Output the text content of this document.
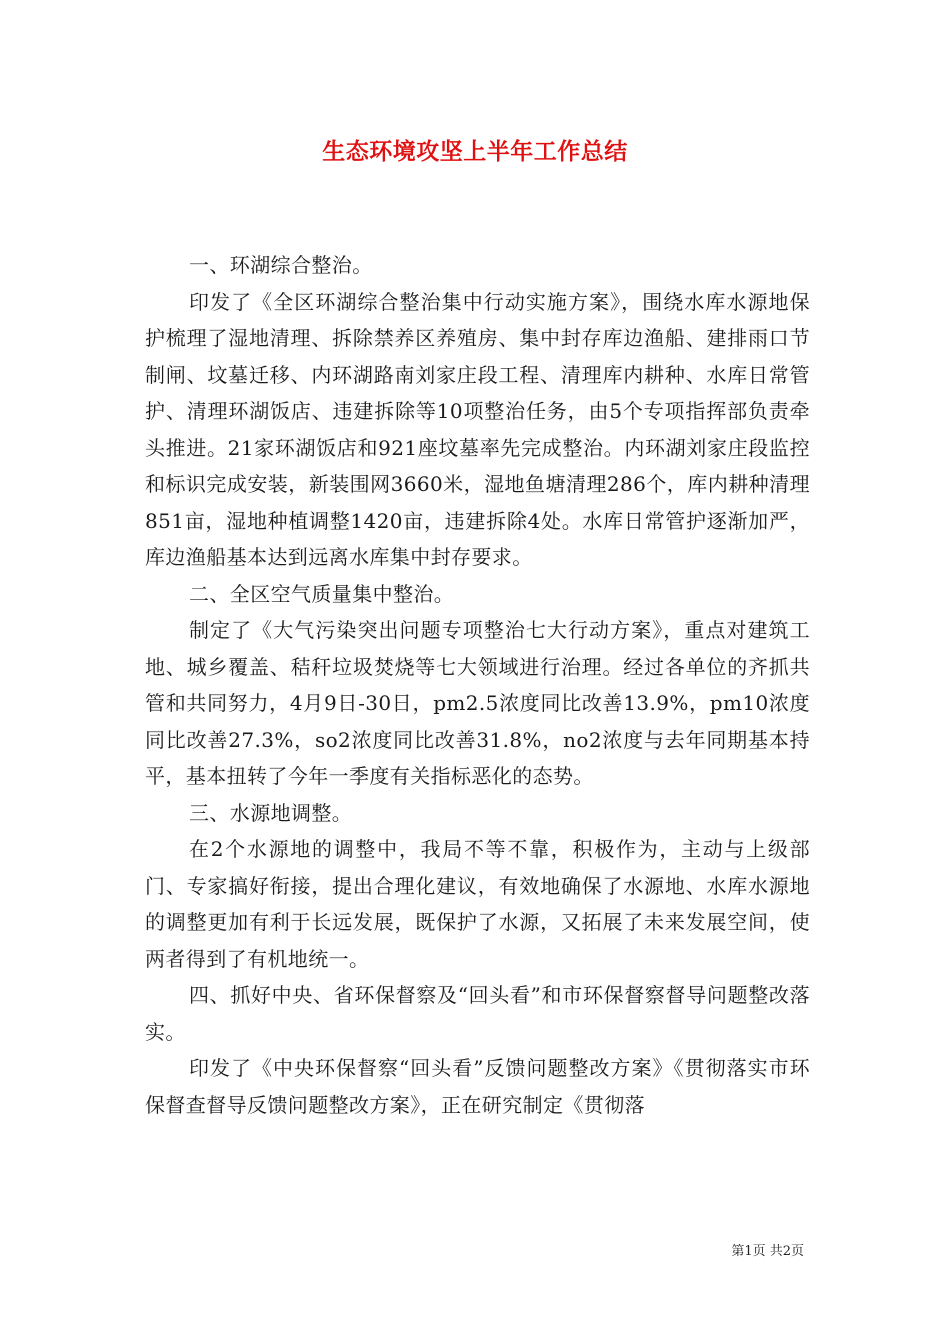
生态环境攻坚上半年工作总结

一、环湖综合整治。

印发了《全区环湖综合整治集中行动实施方案》，围绕水库水源地保护梳理了湿地清理、拆除禁养区养殖房、集中封存库边渔船、建排雨口节制闸、坟墓迁移、内环湖路南刘家庄段工程、清理库内耕种、水库日常管护、清理环湖饭店、违建拆除等10项整治任务，由5个专项指挥部负责牵头推进。21家环湖饭店和921座坟墓率先完成整治。内环湖刘家庄段监控和标识完成安装，新装围网3660米，湿地鱼塘清理286个，库内耕种清理851亩，湿地种植调整1420亩，违建拆除4处。水库日常管护逐渐加严，库边渔船基本达到远离水库集中封存要求。

二、全区空气质量集中整治。

制定了《大气污染突出问题专项整治七大行动方案》，重点对建筑工地、城乡覆盖、秸秆垃圾焚烧等七大领域进行治理。经过各单位的齐抓共管和共同努力，4月9日-30日，pm2.5浓度同比改善13.9%，pm10浓度同比改善27.3%，so2浓度同比改善31.8%，no2浓度与去年同期基本持平，基本扭转了今年一季度有关指标恶化的态势。

三、水源地调整。

在2个水源地的调整中，我局不等不靠，积极作为，主动与上级部门、专家搞好衔接，提出合理化建议，有效地确保了水源地、水库水源地的调整更加有利于长远发展，既保护了水源，又拓展了未来发展空间，使两者得到了有机地统一。

四、抓好中央、省环保督察及“回头看”和市环保督察督导问题整改落实。

印发了《中央环保督察“回头看”反馈问题整改方案》《贯彻落实市环保督查督导反馈问题整改方案》，正在研究制定《贯彻落

第1页 共2页
